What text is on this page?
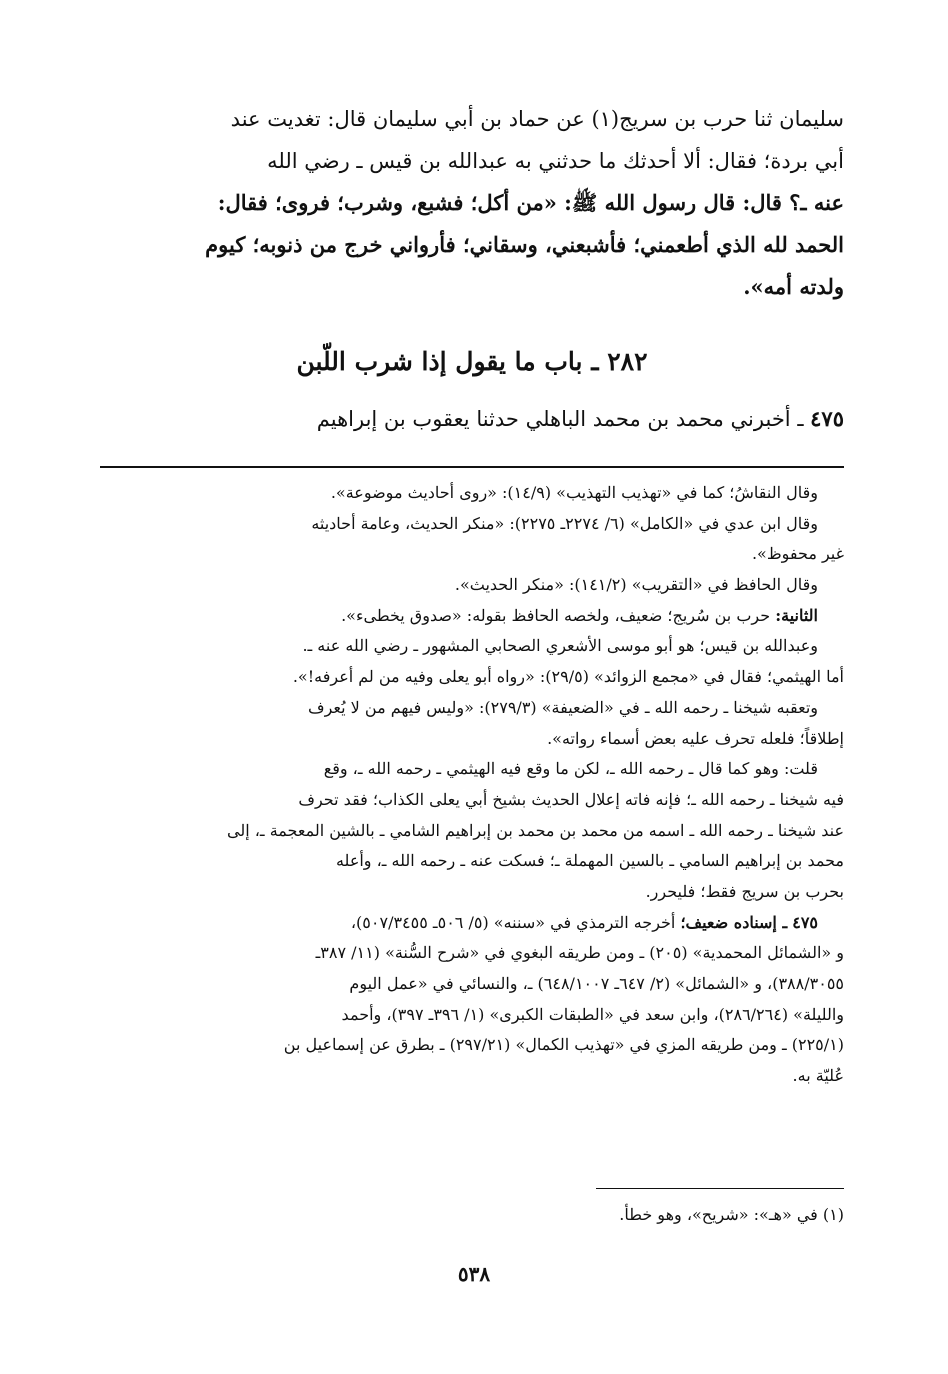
سليمان ثنا حرب بن سريج(١) عن حماد بن أبي سليمان قال: تغديت عند
أبي بردة؛ فقال: ألا أحدثك ما حدثني به عبدالله بن قيس ـ رضي الله
عنه ـ؟ قال: قال رسول الله ﷺ: «من أكل؛ فشبع، وشرب؛ فروى؛ فقال:
الحمد لله الذي أطعمني؛ فأشبعني، وسقاني؛ فأرواني خرج من ذنوبه؛ كيوم
ولدته أمه».
٢٨٢ ـ باب ما يقول إذا شرب اللّبن
٤٧٥ ـ أخبرني محمد بن محمد الباهلي حدثنا يعقوب بن إبراهيم
وقال النقاشُ؛ كما في «تهذيب التهذيب» (١٤/٩): «روى أحاديث موضوعة».
وقال ابن عدي في «الكامل» (٦/ ٢٢٧٤ـ ٢٢٧٥): «منكر الحديث، وعامة أحاديثه
غير محفوظ».
وقال الحافظ في «التقريب» (١٤١/٢): «منكر الحديث».
الثانية: حرب بن سُريج؛ ضعيف، ولخصه الحافظ بقوله: «صدوق يخطىء».
وعبدالله بن قيس؛ هو أبو موسى الأشعري الصحابي المشهور ـ رضي الله عنه ـ.
أما الهيثمي؛ فقال في «مجمع الزوائد» (٢٩/٥): «رواه أبو يعلى وفيه من لم أعرفه!».
وتعقبه شيخنا ـ رحمه الله ـ في «الضعيفة» (٢٧٩/٣): «وليس فيهم من لا يُعرف
إطلاقاً؛ فلعله تحرف عليه بعض أسماء رواته».
قلت: وهو كما قال ـ رحمه الله ـ، لكن ما وقع فيه الهيثمي ـ رحمه الله ـ، وقع
فيه شيخنا ـ رحمه الله ـ؛ فإنه فاته إعلال الحديث بشيخ أبي يعلى الكذاب؛ فقد تحرف
عند شيخنا ـ رحمه الله ـ اسمه من محمد بن محمد بن إبراهيم الشامي ـ بالشين المعجمة ـ، إلى
محمد بن إبراهيم السامي ـ بالسين المهملة ـ؛ فسكت عنه ـ رحمه الله ـ، وأعله
بحرب بن سريج فقط؛ فليحرر.
٤٧٥ ـ إسناده ضعيف؛ أخرجه الترمذي في «سننه» (٥/ ٥٠٦ـ ٥٠٧/٣٤٥٥)،
و «الشمائل المحمدية» (٢٠٥) ـ ومن طريقه البغوي في «شرح السُّنة» (١١/ ٣٨٧ـ
٣٨٨/٣٠٥٥)، و «الشمائل» (٢/ ٦٤٧ـ ٦٤٨/١٠٠٧) ـ، والنسائي في «عمل اليوم
والليلة» (٢٨٦/٢٦٤)، وابن سعد في «الطبقات الكبرى» (١/ ٣٩٦ـ ٣٩٧)، وأحمد
(٢٢٥/١) ـ ومن طريقه المزي في «تهذيب الكمال» (٢٩٧/٢١) ـ بطرق عن إسماعيل بن
عُليّة به.
(١) في «هـ»: «شريح»، وهو خطأ.
٥٣٨
